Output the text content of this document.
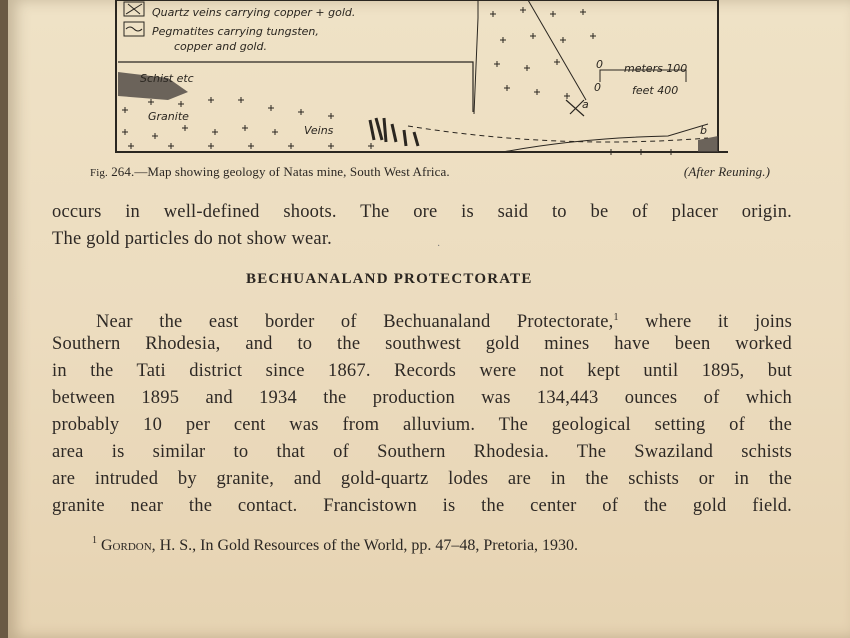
Quartz veins carrying copper + gold.
Pegmatites carrying tungsten,
copper and gold.
Schist etc
Granite
Veins	b
0
0
meters 100
feet 400
a
Fig. 264.—Map showing geology of Natas mine, South West Africa.	(After Reuning.)
occurs in well-defined shoots. The ore is said to be of placer origin.
The gold particles do not show wear.
BECHUANALAND PROTECTORATE
Near the east border of Bechuanaland Protectorate,$^1$ where it joins
Southern Rhodesia, and to the southwest gold mines have been worked
in the Tati district since 1867. Records were not kept until 1895, but
between 1895 and 1934 the production was 134,443 ounces of which
probably 10 per cent was from alluvium. The geological setting of the
area is similar to that of Southern Rhodesia. The Swaziland schists
are intruded by granite, and gold-quartz lodes are in the schists or in the
granite near the contact. Francistown is the center of the gold field.
·
$^1$ Gordon, H. S., In Gold Resources of the World, pp. 47–48, Pretoria, 1930.
